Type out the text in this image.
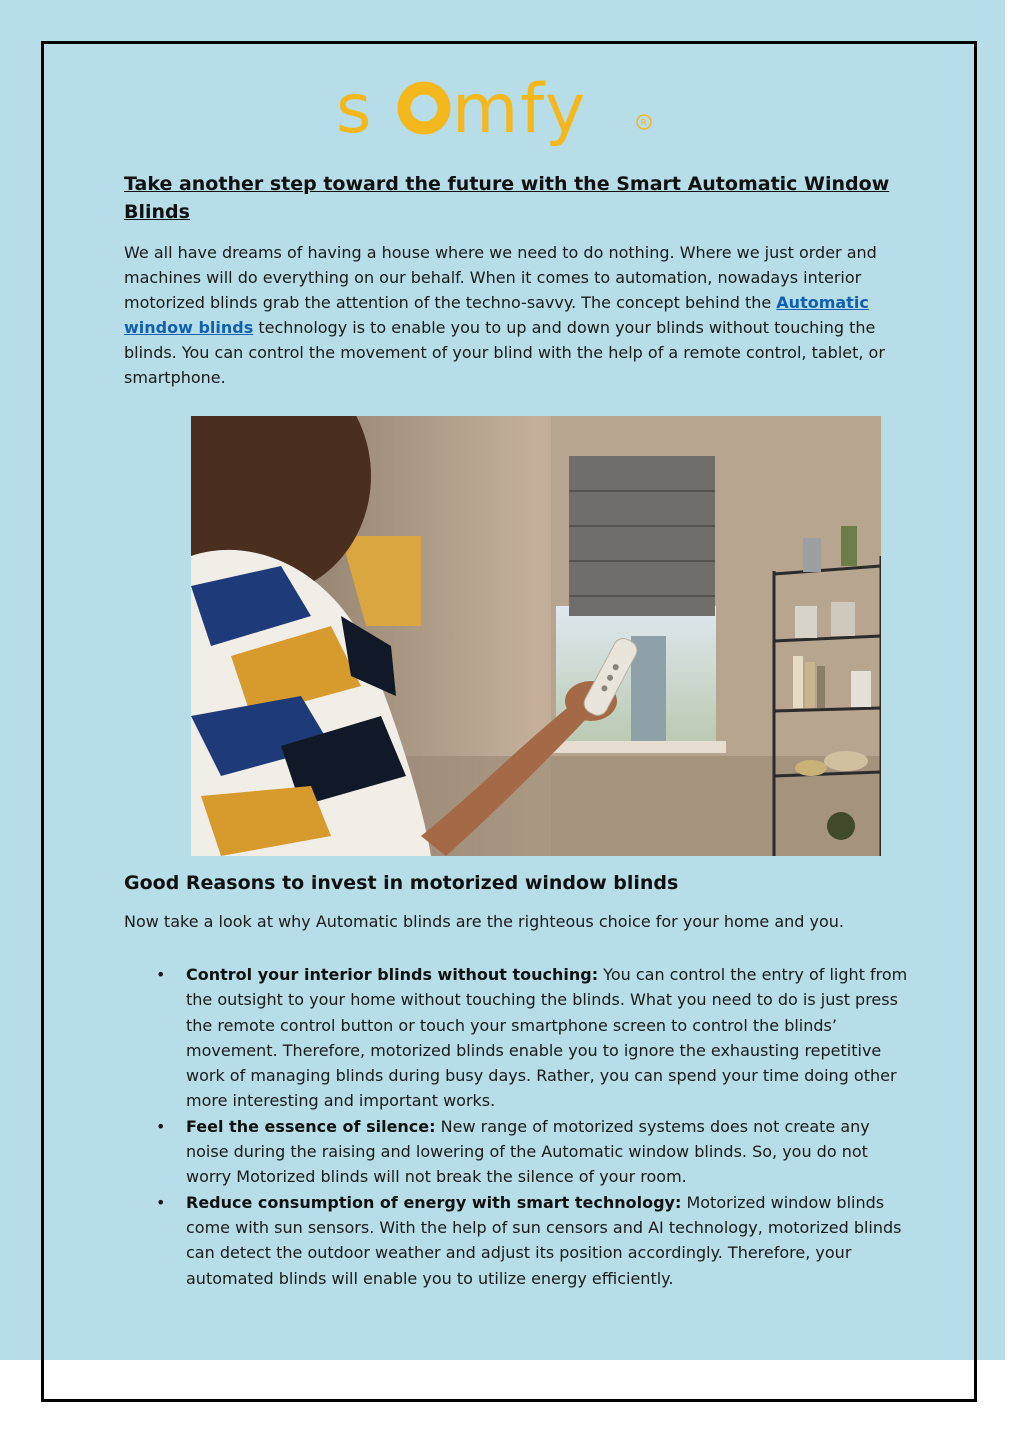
s mfy	R

Take another step toward the future with the Smart Automatic Window Blinds

We all have dreams of having a house where we need to do nothing. Where we just order and machines will do everything on our behalf. When it comes to automation, nowadays interior motorized blinds grab the attention of the techno-savvy. The concept behind the Automatic window blinds technology is to enable you to up and down your blinds without touching the blinds. You can control the movement of your blind with the help of a remote control, tablet, or smartphone.

Good Reasons to invest in motorized window blinds

Now take a look at why Automatic blinds are the righteous choice for your home and you.

• Control your interior blinds without touching: You can control the entry of light from the outsight to your home without touching the blinds. What you need to do is just press the remote control button or touch your smartphone screen to control the blinds’ movement. Therefore, motorized blinds enable you to ignore the exhausting repetitive work of managing blinds during busy days. Rather, you can spend your time doing other more interesting and important works.
• Feel the essence of silence: New range of motorized systems does not create any noise during the raising and lowering of the Automatic window blinds. So, you do not worry Motorized blinds will not break the silence of your room.
• Reduce consumption of energy with smart technology: Motorized window blinds come with sun sensors. With the help of sun censors and AI technology, motorized blinds can detect the outdoor weather and adjust its position accordingly. Therefore, your automated blinds will enable you to utilize energy efficiently.
